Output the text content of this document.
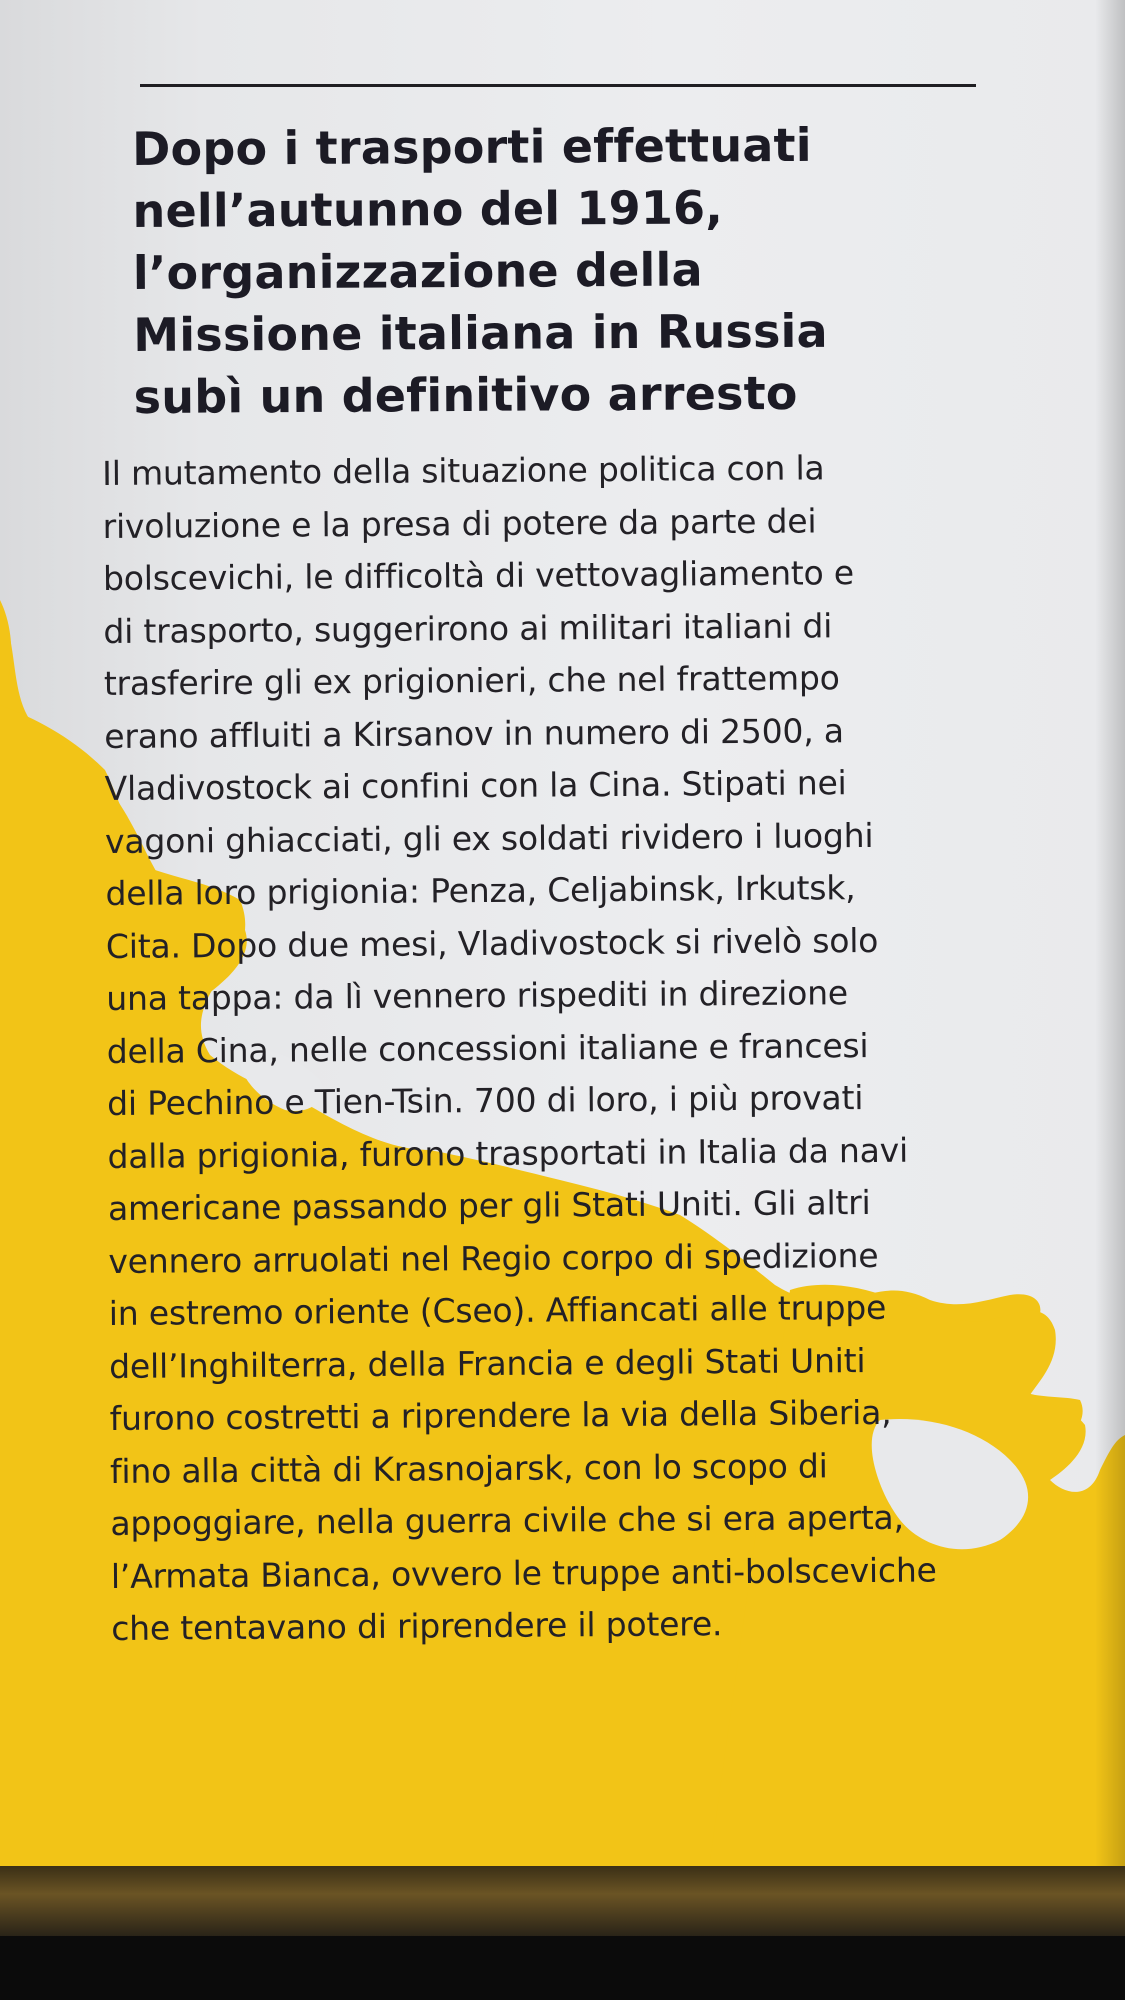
Dopo i trasporti effettuati
nell’autunno del 1916,
l’organizzazione della
Missione italiana in Russia
subì un definitivo arresto

Il mutamento della situazione politica con la
rivoluzione e la presa di potere da parte dei
bolscevichi, le difficoltà di vettovagliamento e
di trasporto, suggerirono ai militari italiani di
trasferire gli ex prigionieri, che nel frattempo
erano affluiti a Kirsanov in numero di 2500, a
Vladivostock ai confini con la Cina. Stipati nei
vagoni ghiacciati, gli ex soldati rividero i luoghi
della loro prigionia: Penza, Celjabinsk, Irkutsk,
Cita. Dopo due mesi, Vladivostock si rivelò solo
una tappa: da lì vennero rispediti in direzione
della Cina, nelle concessioni italiane e francesi
di Pechino e Tien-Tsin. 700 di loro, i più provati
dalla prigionia, furono trasportati in Italia da navi
americane passando per gli Stati Uniti. Gli altri
vennero arruolati nel Regio corpo di spedizione
in estremo oriente (Cseo). Affiancati alle truppe
dell’Inghilterra, della Francia e degli Stati Uniti
furono costretti a riprendere la via della Siberia,
fino alla città di Krasnojarsk, con lo scopo di
appoggiare, nella guerra civile che si era aperta,
l’Armata Bianca, ovvero le truppe anti-bolsceviche
che tentavano di riprendere il potere.
